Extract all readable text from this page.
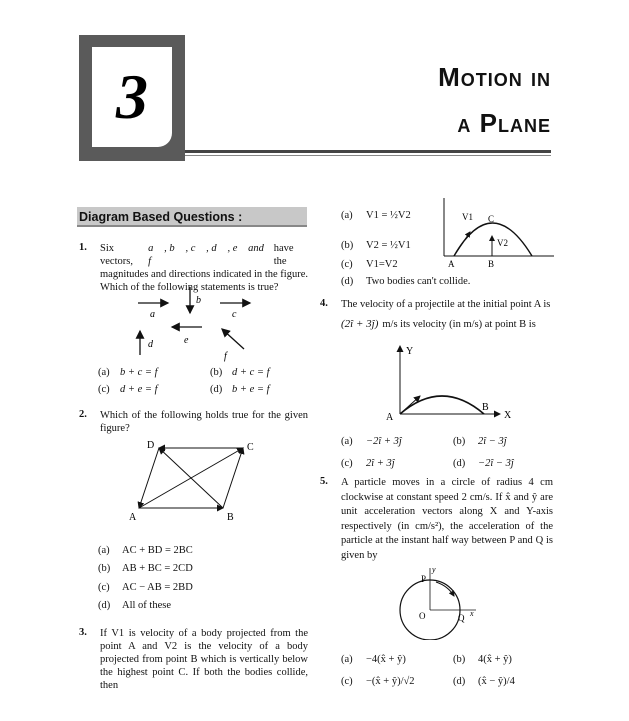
3	Motion in
a Plane
Diagram Based Questions :
1. Six vectors,
a⃗ , b⃗ , c⃗ , d⃗ , e⃗ and f⃗
have the
magnitudes and directions indicated in the figure. Which of the following statements is true?
a
b
c
d	e
f
(a) b + c = f	(b) d + c = f
(c) d + e = f	(d) b + e = f
2. Which of the following holds true for the given figure?
A	B
C
D
(a) AC + BD = 2BC
(b) AB + BC = 2CD
(c) AC − AB = 2BD
(d) All of these
3. If V1 is velocity of a body projected from the point A and V2 is the velocity of a body projected from point B which is vertically below the highest point C. If both the bodies collide, then
(a) V1 = ½V2
(b) V2 = ½V1
(c) V1=V2
(d) Two bodies can't collide.
V1 C
V2
A	B
4. The velocity of a projectile at the initial point A is
(2î + 3ĵ) m/s its velocity (in m/s) at point B is
Y
A
B
X
(a) −2î + 3ĵ	(b) 2î − 3ĵ
(c) 2î + 3ĵ	(d) −2î − 3ĵ
5. A particle moves in a circle of radius 4 cm clockwise at constant speed 2 cm/s. If x̂ and ŷ are unit acceleration vectors along X and Y-axis respectively (in cm/s²), the acceleration of the particle at the instant half way between P and Q is given by
y
P
O	Q x
(a) −4(x̂ + ŷ)	(b) 4(x̂ + ŷ)
(c) −(x̂ + ŷ)/√2	(d) (x̂ − ŷ)/4
